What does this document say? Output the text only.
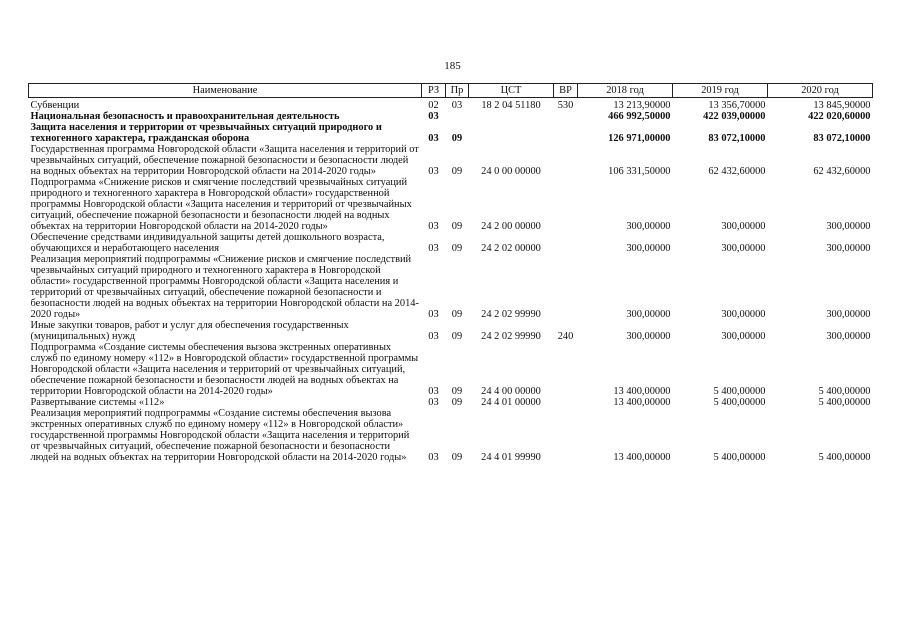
185
Наименование	РЗ	Пр	ЦСТ	ВР	2018 год	2019 год	2020 год
Субвенции	02	03	18 2 04 51180	530	13 213,90000	13 356,70000	13 845,90000
Национальная безопасность и правоохранительная деятельность	03				466 992,50000	422 039,00000	422 020,60000
Защита населения и территории от чрезвычайных ситуаций природного и техногенного характера, гражданская оборона	03	09			126 971,00000	83 072,10000	83 072,10000
Государственная программа Новгородской области «Защита населения и территорий от чрезвычайных ситуаций, обеспечение пожарной безопасности и безопасности людей на водных объектах на территории Новгородской области на 2014-2020 годы»	03	09	24 0 00 00000		106 331,50000	62 432,60000	62 432,60000
Подпрограмма «Снижение рисков и смягчение последствий чрезвычайных ситуаций природного и техногенного характера в Новгородской области» государственной программы Новгородской области «Защита населения и территорий от чрезвычайных ситуаций, обеспечение пожарной безопасности и безопасности людей на водных объектах на территории Новгородской области на 2014-2020 годы»	03	09	24 2 00 00000		300,00000	300,00000	300,00000
Обеспечение средствами индивидуальной защиты детей дошкольного возраста, обучающихся и неработающего населения	03	09	24 2 02 00000		300,00000	300,00000	300,00000
Реализация мероприятий подпрограммы «Снижение рисков и смягчение последствий чрезвычайных ситуаций природного и техногенного характера в Новгородской области» государственной программы Новгородской области «Защита населения и территорий от чрезвычайных ситуаций, обеспечение пожарной безопасности и безопасности людей на водных объектах на территории Новгородской области на 2014-2020 годы»	03	09	24 2 02 99990		300,00000	300,00000	300,00000
Иные закупки товаров, работ и услуг для обеспечения государственных (муниципальных) нужд	03	09	24 2 02 99990	240	300,00000	300,00000	300,00000
Подпрограмма «Создание системы обеспечения вызова экстренных оперативных служб по единому номеру «112» в Новгородской области» государственной программы Новгородской области «Защита населения и территорий от чрезвычайных ситуаций, обеспечение пожарной безопасности и безопасности людей на водных объектах на территории Новгородской области на 2014-2020 годы»	03	09	24 4 00 00000		13 400,00000	5 400,00000	5 400,00000
Развертывание системы «112»	03	09	24 4 01 00000		13 400,00000	5 400,00000	5 400,00000
Реализация мероприятий подпрограммы «Создание системы обеспечения вызова экстренных оперативных служб по единому номеру «112» в Новгородской области» государственной программы Новгородской области «Защита населения и территорий от чрезвычайных ситуаций, обеспечение пожарной безопасности и безопасности людей на водных объектах на территории Новгородской области на 2014-2020 годы»	03	09	24 4 01 99990		13 400,00000	5 400,00000	5 400,00000
